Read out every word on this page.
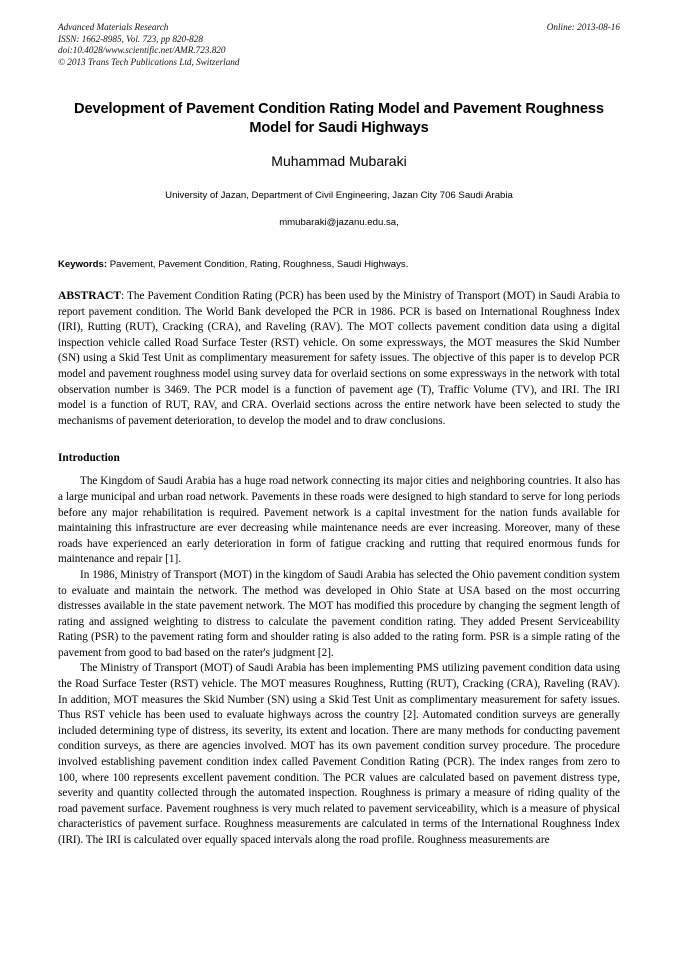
Advanced Materials Research
ISSN: 1662-8985, Vol. 723, pp 820-828
doi:10.4028/www.scientific.net/AMR.723.820
© 2013 Trans Tech Publications Ltd, Switzerland
Online: 2013-08-16
Development of Pavement Condition Rating Model and Pavement Roughness Model for Saudi Highways
Muhammad Mubaraki
University of Jazan, Department of Civil Engineering, Jazan City 706 Saudi Arabia
mmubaraki@jazanu.edu.sa,
Keywords: Pavement, Pavement Condition, Rating, Roughness, Saudi Highways.
ABSTRACT: The Pavement Condition Rating (PCR) has been used by the Ministry of Transport (MOT) in Saudi Arabia to report pavement condition. The World Bank developed the PCR in 1986. PCR is based on International Roughness Index (IRI), Rutting (RUT), Cracking (CRA), and Raveling (RAV). The MOT collects pavement condition data using a digital inspection vehicle called Road Surface Tester (RST) vehicle. On some expressways, the MOT measures the Skid Number (SN) using a Skid Test Unit as complimentary measurement for safety issues. The objective of this paper is to develop PCR model and pavement roughness model using survey data for overlaid sections on some expressways in the network with total observation number is 3469. The PCR model is a function of pavement age (T), Traffic Volume (TV), and IRI. The IRI model is a function of RUT, RAV, and CRA. Overlaid sections across the entire network have been selected to study the mechanisms of pavement deterioration, to develop the model and to draw conclusions.
Introduction

The Kingdom of Saudi Arabia has a huge road network connecting its major cities and neighboring countries. It also has a large municipal and urban road network. Pavements in these roads were designed to high standard to serve for long periods before any major rehabilitation is required. Pavement network is a capital investment for the nation funds available for maintaining this infrastructure are ever decreasing while maintenance needs are ever increasing. Moreover, many of these roads have experienced an early deterioration in form of fatigue cracking and rutting that required enormous funds for maintenance and repair [1].

In 1986, Ministry of Transport (MOT) in the kingdom of Saudi Arabia has selected the Ohio pavement condition system to evaluate and maintain the network. The method was developed in Ohio State at USA based on the most occurring distresses available in the state pavement network. The MOT has modified this procedure by changing the segment length of rating and assigned weighting to distress to calculate the pavement condition rating. They added Present Serviceability Rating (PSR) to the pavement rating form and shoulder rating is also added to the rating form. PSR is a simple rating of the pavement from good to bad based on the rater's judgment [2].

The Ministry of Transport (MOT) of Saudi Arabia has been implementing PMS utilizing pavement condition data using the Road Surface Tester (RST) vehicle. The MOT measures Roughness, Rutting (RUT), Cracking (CRA), Raveling (RAV). In addition, MOT measures the Skid Number (SN) using a Skid Test Unit as complimentary measurement for safety issues. Thus RST vehicle has been used to evaluate highways across the country [2]. Automated condition surveys are generally included determining type of distress, its severity, its extent and location. There are many methods for conducting pavement condition surveys, as there are agencies involved. MOT has its own pavement condition survey procedure. The procedure involved establishing pavement condition index called Pavement Condition Rating (PCR). The index ranges from zero to 100, where 100 represents excellent pavement condition. The PCR values are calculated based on pavement distress type, severity and quantity collected through the automated inspection. Roughness is primary a measure of riding quality of the road pavement surface. Pavement roughness is very much related to pavement serviceability, which is a measure of physical characteristics of pavement surface. Roughness measurements are calculated in terms of the International Roughness Index (IRI). The IRI is calculated over equally spaced intervals along the road profile. Roughness measurements are
